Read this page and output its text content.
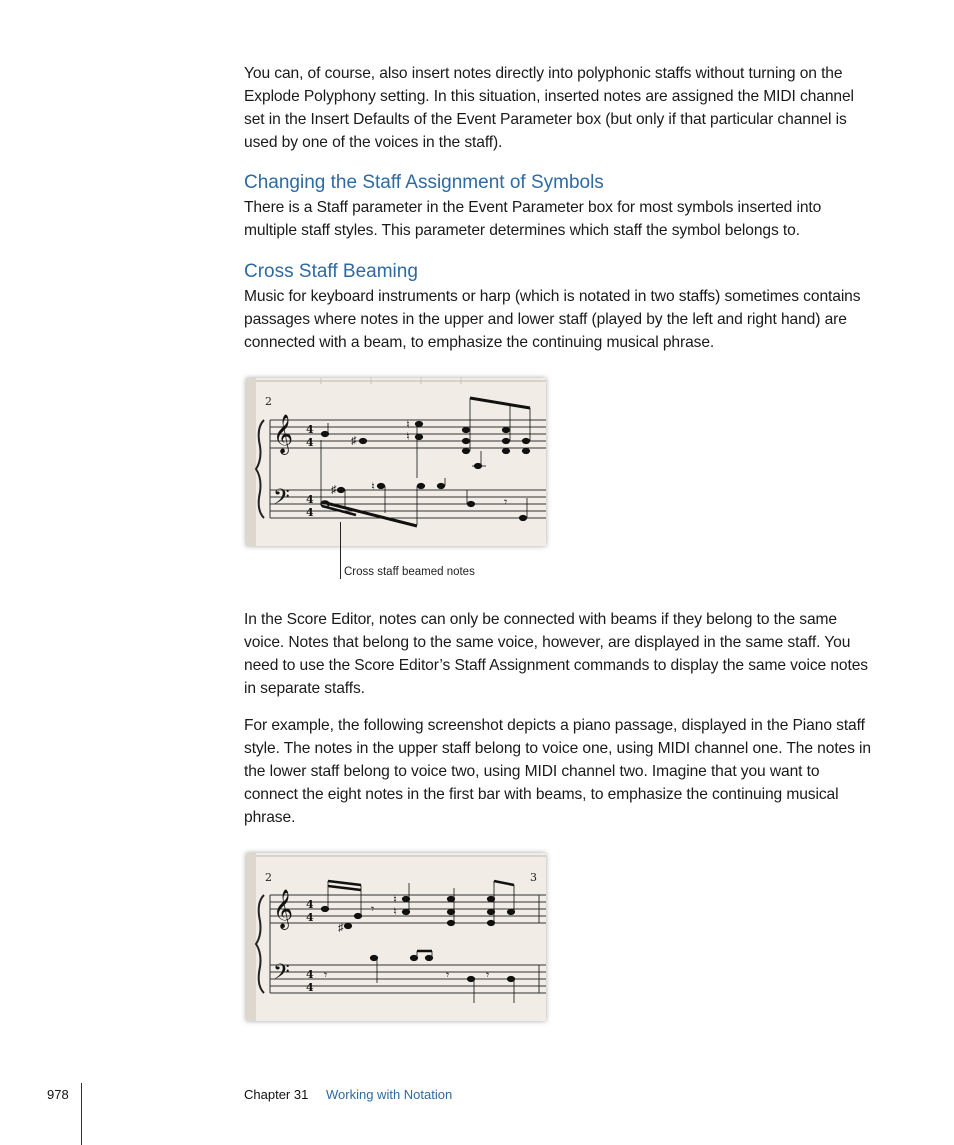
You can, of course, also insert notes directly into polyphonic staffs without turning on the Explode Polyphony setting. In this situation, inserted notes are assigned the MIDI channel set in the Insert Defaults of the Event Parameter box (but only if that particular channel is used by one of the voices in the staff).

Changing the Staff Assignment of Symbols

There is a Staff parameter in the Event Parameter box for most symbols inserted into multiple staff styles. This parameter determines which staff the symbol belongs to.

Cross Staff Beaming

Music for keyboard instruments or harp (which is notated in two staffs) sometimes contains passages where notes in the upper and lower staff (played by the left and right hand) are connected with a beam, to emphasize the continuing musical phrase.

2
𝄞
𝄢
4
4
4
4
♯	♮
♮
♯	♮
𝄾
Cross staff beamed notes

In the Score Editor, notes can only be connected with beams if they belong to the same voice. Notes that belong to the same voice, however, are displayed in the same staff. You need to use the Score Editor’s Staff Assignment commands to display the same voice notes in separate staffs.

For example, the following screenshot depicts a piano passage, displayed in the Piano staff style. The notes in the upper staff belong to voice one, using MIDI channel one. The notes in the lower staff belong to voice two, using MIDI channel two. Imagine that you want to connect the eight notes in the first bar with beams, to emphasize the continuing musical phrase.

2	3
𝄞
𝄢
4
4
4
4
♯
♮
♮
𝄾
𝄾	𝄾	𝄾
978	Chapter 31 Working with Notation
